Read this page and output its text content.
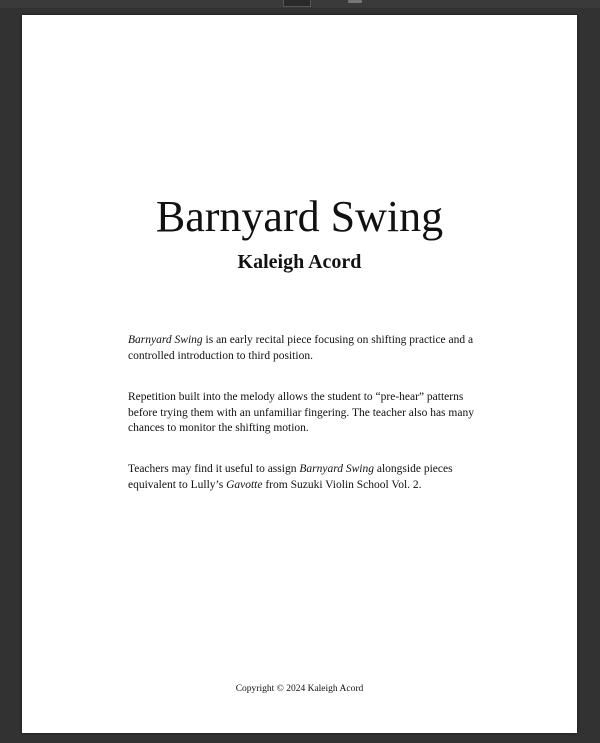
Barnyard Swing
Kaleigh Acord

Barnyard Swing is an early recital piece focusing on shifting practice and a controlled introduction to third position.

Repetition built into the melody allows the student to “pre-hear” patterns before trying them with an unfamiliar fingering. The teacher also has many chances to monitor the shifting motion.

Teachers may find it useful to assign Barnyard Swing alongside pieces equivalent to Lully’s Gavotte from Suzuki Violin School Vol. 2.

Copyright © 2024 Kaleigh Acord
